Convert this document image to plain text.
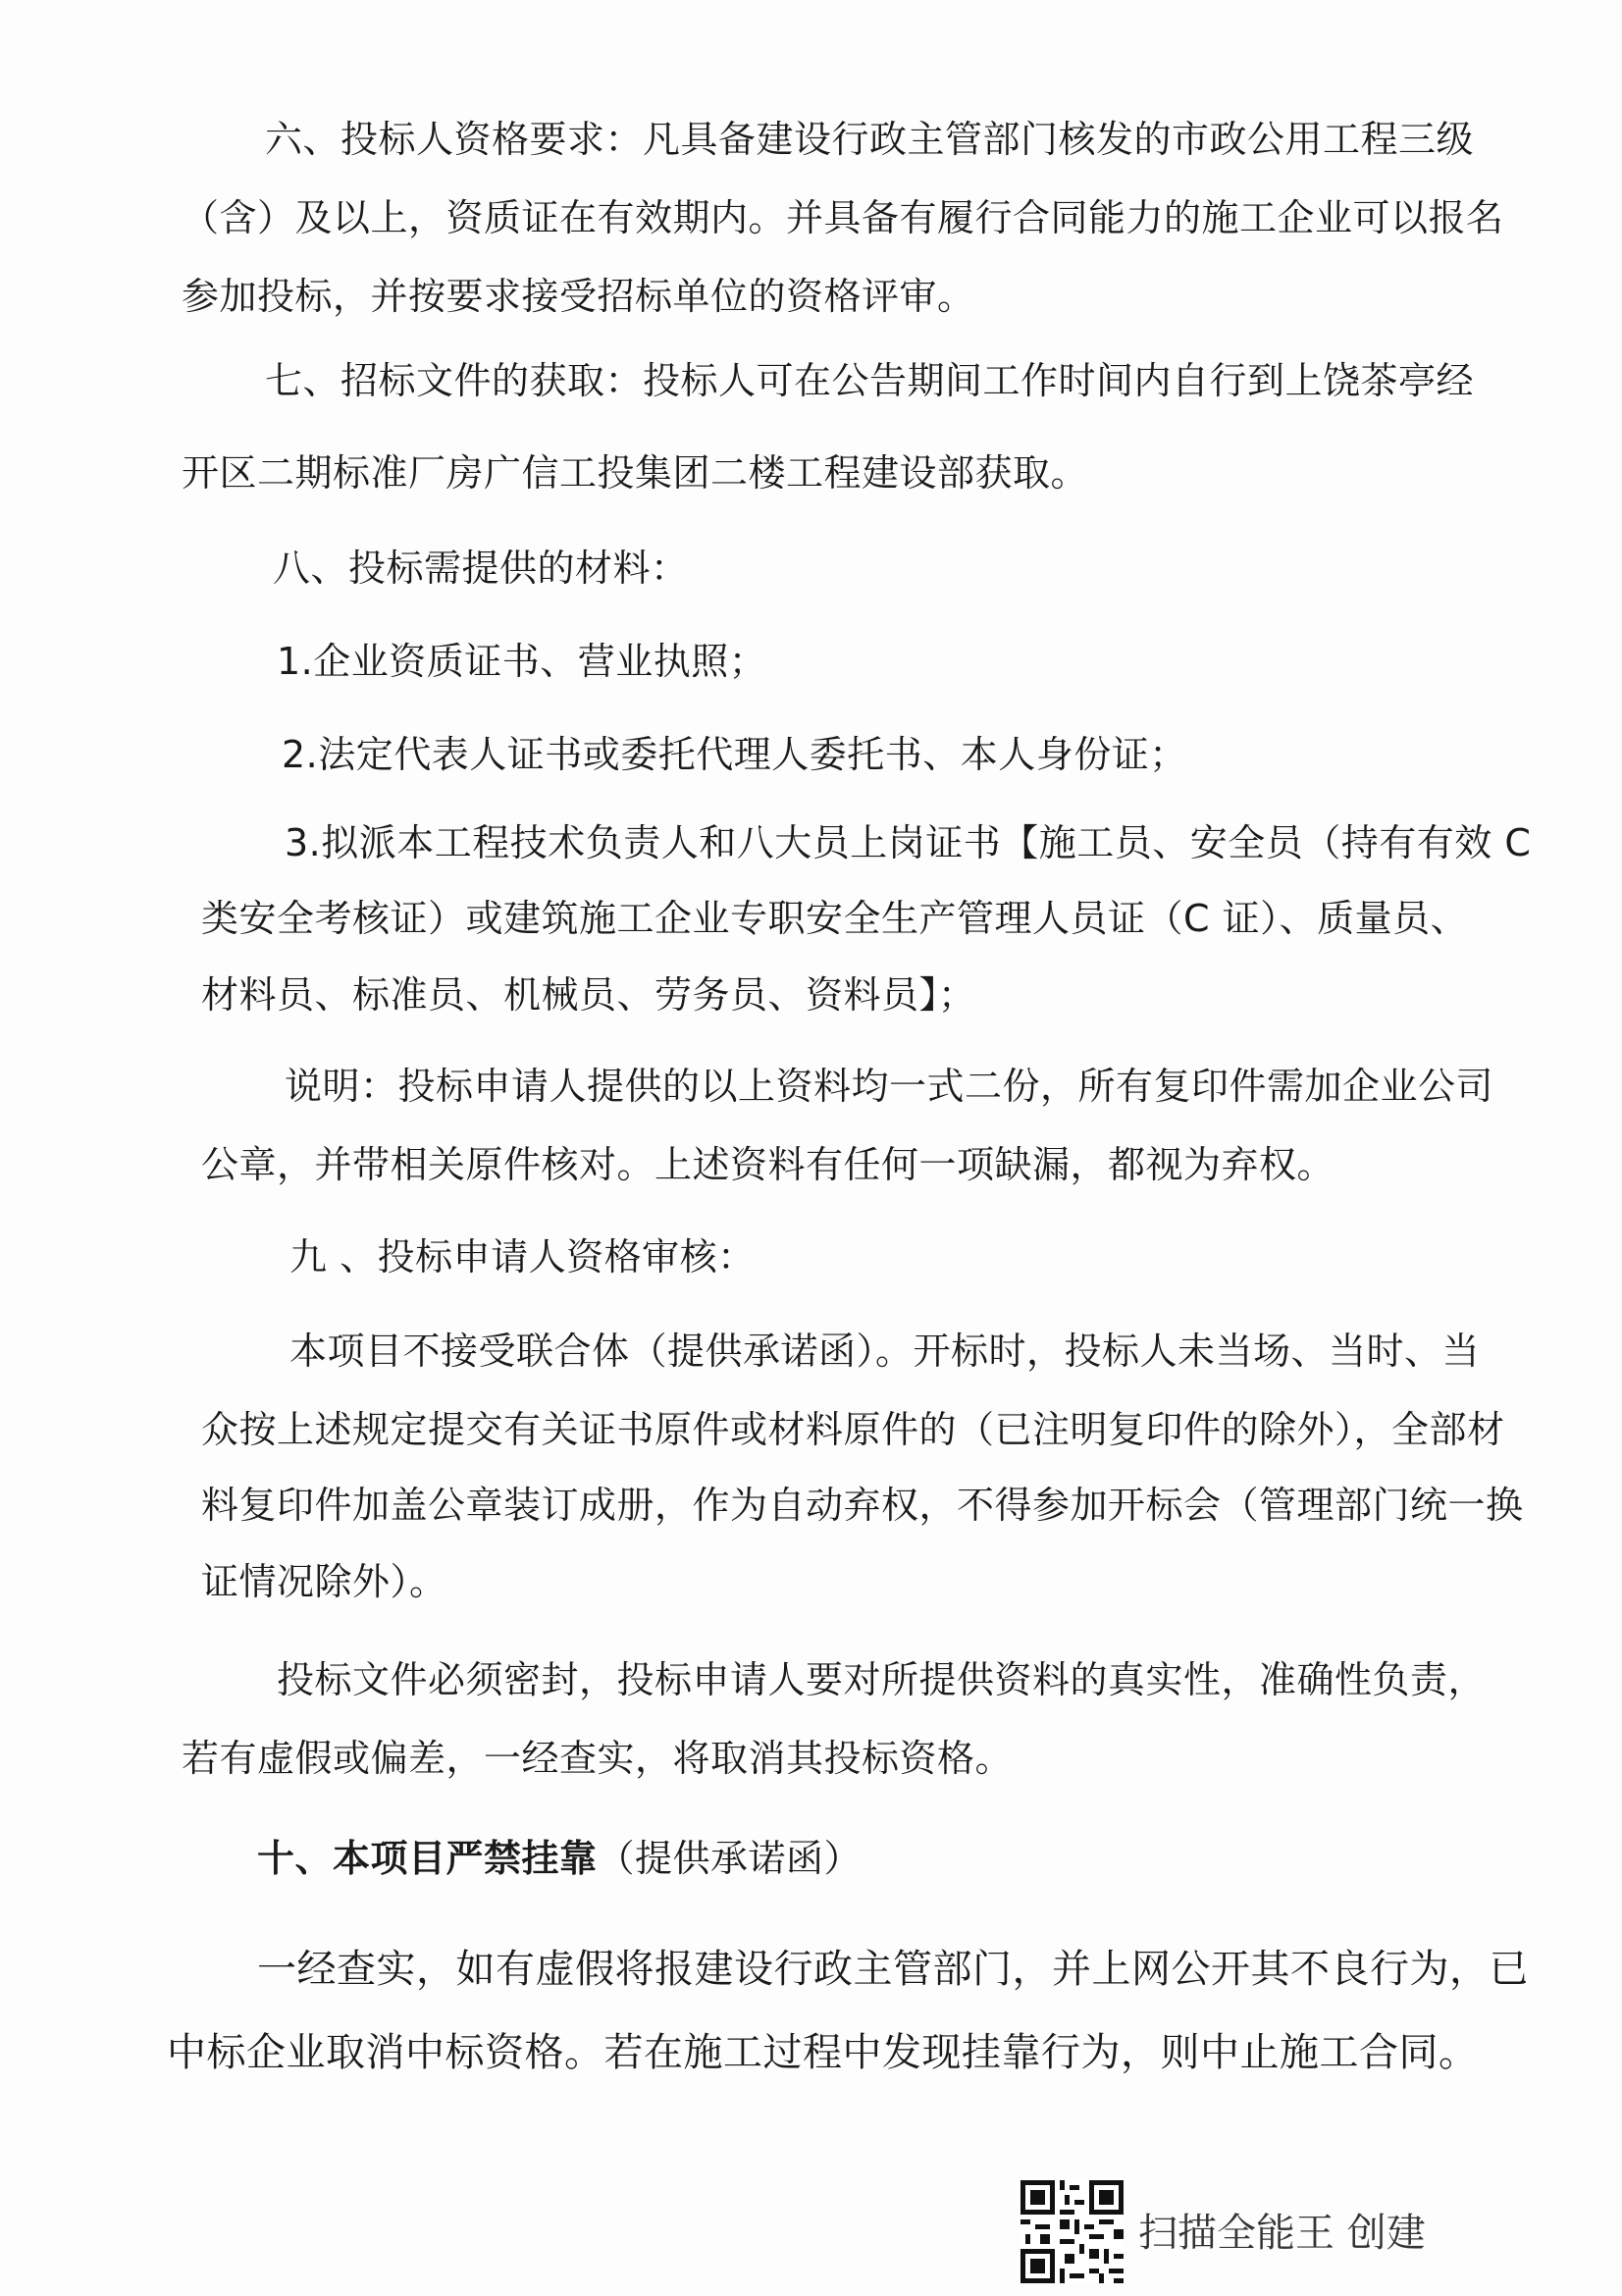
六、投标人资格要求：凡具备建设行政主管部门核发的市政公用工程三级
（含）及以上，资质证在有效期内。并具备有履行合同能力的施工企业可以报名
参加投标，并按要求接受招标单位的资格评审。
七、招标文件的获取：投标人可在公告期间工作时间内自行到上饶茶亭经
开区二期标准厂房广信工投集团二楼工程建设部获取。
八、投标需提供的材料：
1.企业资质证书、营业执照；
2.法定代表人证书或委托代理人委托书、本人身份证；
3.拟派本工程技术负责人和八大员上岗证书【施工员、安全员（持有有效 C
类安全考核证）或建筑施工企业专职安全生产管理人员证（C 证）、质量员、
材料员、标准员、机械员、劳务员、资料员】；
说明：投标申请人提供的以上资料均一式二份，所有复印件需加企业公司
公章，并带相关原件核对。上述资料有任何一项缺漏，都视为弃权。
九 、投标申请人资格审核：
本项目不接受联合体（提供承诺函）。开标时，投标人未当场、当时、当
众按上述规定提交有关证书原件或材料原件的（已注明复印件的除外），全部材
料复印件加盖公章装订成册，作为自动弃权，不得参加开标会（管理部门统一换
证情况除外）。
投标文件必须密封，投标申请人要对所提供资料的真实性，准确性负责，
若有虚假或偏差，一经查实，将取消其投标资格。
十、本项目严禁挂靠（提供承诺函）
一经查实，如有虚假将报建设行政主管部门，并上网公开其不良行为，已
中标企业取消中标资格。若在施工过程中发现挂靠行为，则中止施工合同。
扫描全能王 创建
